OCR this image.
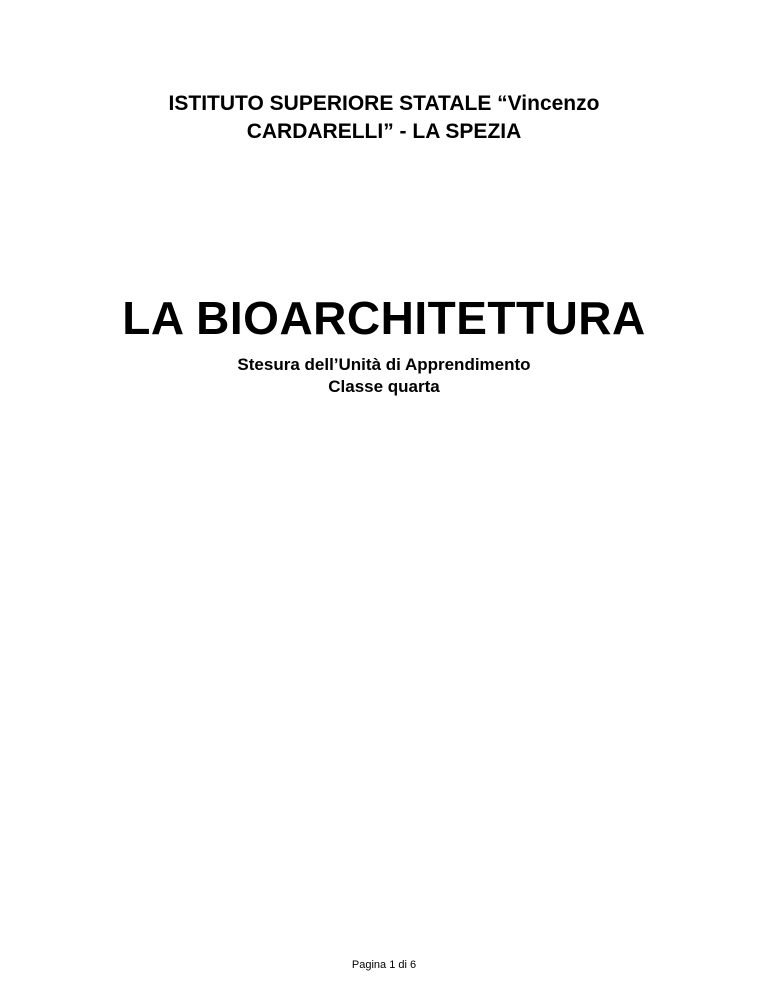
ISTITUTO SUPERIORE STATALE “Vincenzo
CARDARELLI” - LA SPEZIA
LA BIOARCHITETTURA
Stesura dell’Unità di Apprendimento
Classe quarta
Pagina 1 di 6
